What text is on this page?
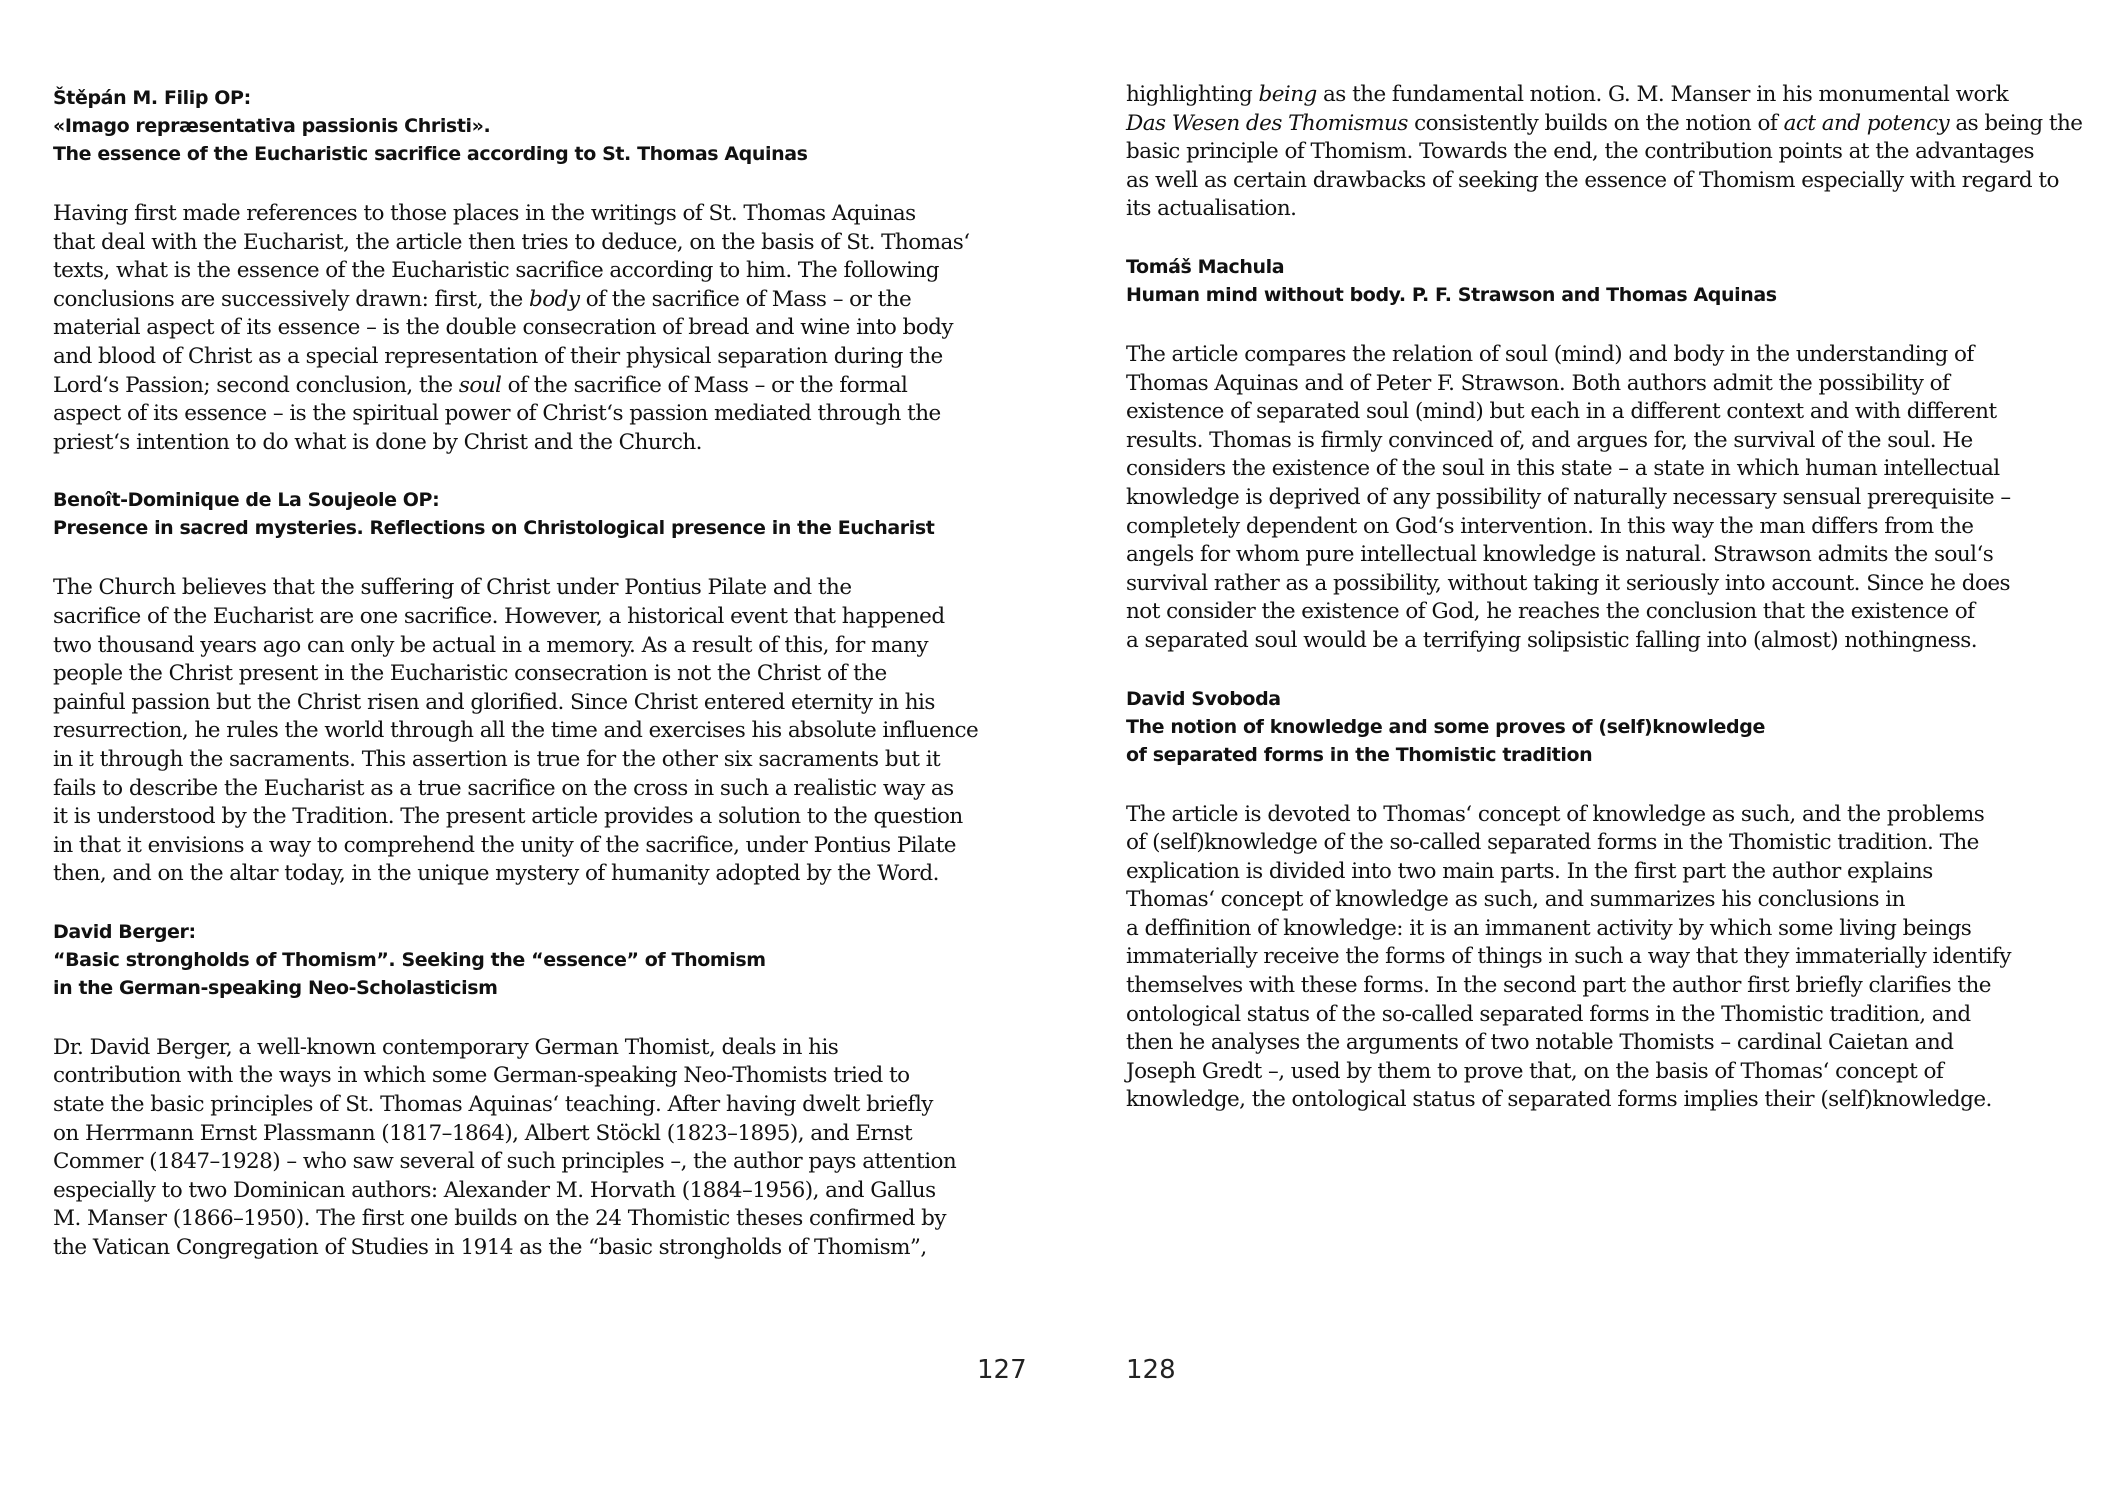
Štěpán M. Filip OP:
«Imago repræsentativa passionis Christi».
The essence of the Eucharistic sacrifice according to St. Thomas Aquinas
Having first made references to those places in the writings of St. Thomas Aquinas
that deal with the Eucharist, the article then tries to deduce, on the basis of St. Thomas‘
texts, what is the essence of the Eucharistic sacrifice according to him. The following
conclusions are successively drawn: first, the body of the sacrifice of Mass – or the
material aspect of its essence – is the double consecration of bread and wine into body
and blood of Christ as a special representation of their physical separation during the
Lord‘s Passion; second conclusion, the soul of the sacrifice of Mass – or the formal
aspect of its essence – is the spiritual power of Christ‘s passion mediated through the
priest‘s intention to do what is done by Christ and the Church.
Benoît-Dominique de La Soujeole OP:
Presence in sacred mysteries. Reflections on Christological presence in the Eucharist
The Church believes that the suffering of Christ under Pontius Pilate and the
sacrifice of the Eucharist are one sacrifice. However, a historical event that happened
two thousand years ago can only be actual in a memory. As a result of this, for many
people the Christ present in the Eucharistic consecration is not the Christ of the
painful passion but the Christ risen and glorified. Since Christ entered eternity in his
resurrection, he rules the world through all the time and exercises his absolute influence
in it through the sacraments. This assertion is true for the other six sacraments but it
fails to describe the Eucharist as a true sacrifice on the cross in such a realistic way as
it is understood by the Tradition. The present article provides a solution to the question
in that it envisions a way to comprehend the unity of the sacrifice, under Pontius Pilate
then, and on the altar today, in the unique mystery of humanity adopted by the Word.
David Berger:
“Basic strongholds of Thomism”. Seeking the “essence” of Thomism
in the German-speaking Neo-Scholasticism
Dr. David Berger, a well-known contemporary German Thomist, deals in his
contribution with the ways in which some German-speaking Neo-Thomists tried to
state the basic principles of St. Thomas Aquinas‘ teaching. After having dwelt briefly
on Herrmann Ernst Plassmann (1817–1864), Albert Stöckl (1823–1895), and Ernst
Commer (1847–1928) – who saw several of such principles –, the author pays attention
especially to two Dominican authors: Alexander M. Horvath (1884–1956), and Gallus
M. Manser (1866–1950). The first one builds on the 24 Thomistic theses confirmed by
the Vatican Congregation of Studies in 1914 as the “basic strongholds of Thomism”,
127
highlighting being as the fundamental notion. G. M. Manser in his monumental work
Das Wesen des Thomismus consistently builds on the notion of act and potency as being the
basic principle of Thomism. Towards the end, the contribution points at the advantages
as well as certain drawbacks of seeking the essence of Thomism especially with regard to
its actualisation.
Tomáš Machula
Human mind without body. P. F. Strawson and Thomas Aquinas
The article compares the relation of soul (mind) and body in the understanding of
Thomas Aquinas and of Peter F. Strawson. Both authors admit the possibility of
existence of separated soul (mind) but each in a different context and with different
results. Thomas is firmly convinced of, and argues for, the survival of the soul. He
considers the existence of the soul in this state – a state in which human intellectual
knowledge is deprived of any possibility of naturally necessary sensual prerequisite –
completely dependent on God‘s intervention. In this way the man differs from the
angels for whom pure intellectual knowledge is natural. Strawson admits the soul‘s
survival rather as a possibility, without taking it seriously into account. Since he does
not consider the existence of God, he reaches the conclusion that the existence of
a separated soul would be a terrifying solipsistic falling into (almost) nothingness.
David Svoboda
The notion of knowledge and some proves of (self)knowledge
of separated forms in the Thomistic tradition
The article is devoted to Thomas‘ concept of knowledge as such, and the problems
of (self)knowledge of the so-called separated forms in the Thomistic tradition. The
explication is divided into two main parts. In the first part the author explains
Thomas‘ concept of knowledge as such, and summarizes his conclusions in
a deffinition of knowledge: it is an immanent activity by which some living beings
immaterially receive the forms of things in such a way that they immaterially identify
themselves with these forms. In the second part the author first briefly clarifies the
ontological status of the so-called separated forms in the Thomistic tradition, and
then he analyses the arguments of two notable Thomists – cardinal Caietan and
Joseph Gredt –, used by them to prove that, on the basis of Thomas‘ concept of
knowledge, the ontological status of separated forms implies their (self)knowledge.
128
